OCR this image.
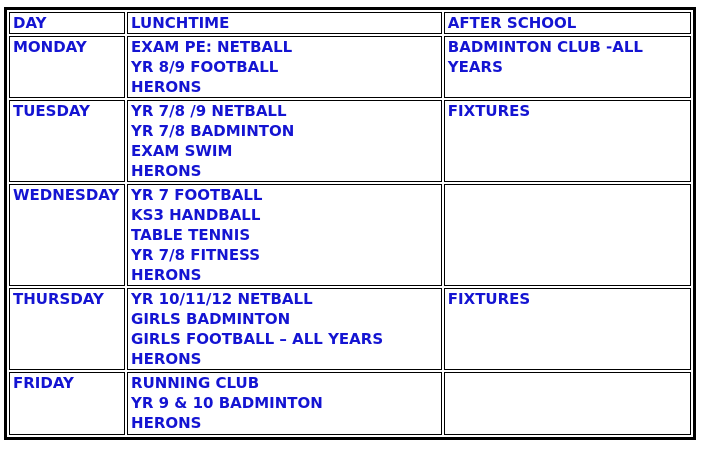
DAY	LUNCHTIME	AFTER SCHOOL
MONDAY	EXAM PE: NETBALL
YR 8/9 FOOTBALL
HERONS	BADMINTON CLUB -ALL
YEARS

TUESDAY	YR 7/8 /9 NETBALL
YR 7/8 BADMINTON
EXAM SWIM
HERONS	FIXTURES

WEDNESDAY	YR 7 FOOTBALL
KS3 HANDBALL
TABLE TENNIS
YR 7/8 FITNESS
HERONS	

THURSDAY	YR 10/11/12 NETBALL
GIRLS BADMINTON
GIRLS FOOTBALL – ALL YEARS
HERONS	FIXTURES

FRIDAY	RUNNING CLUB
YR 9 & 10 BADMINTON
HERONS	
